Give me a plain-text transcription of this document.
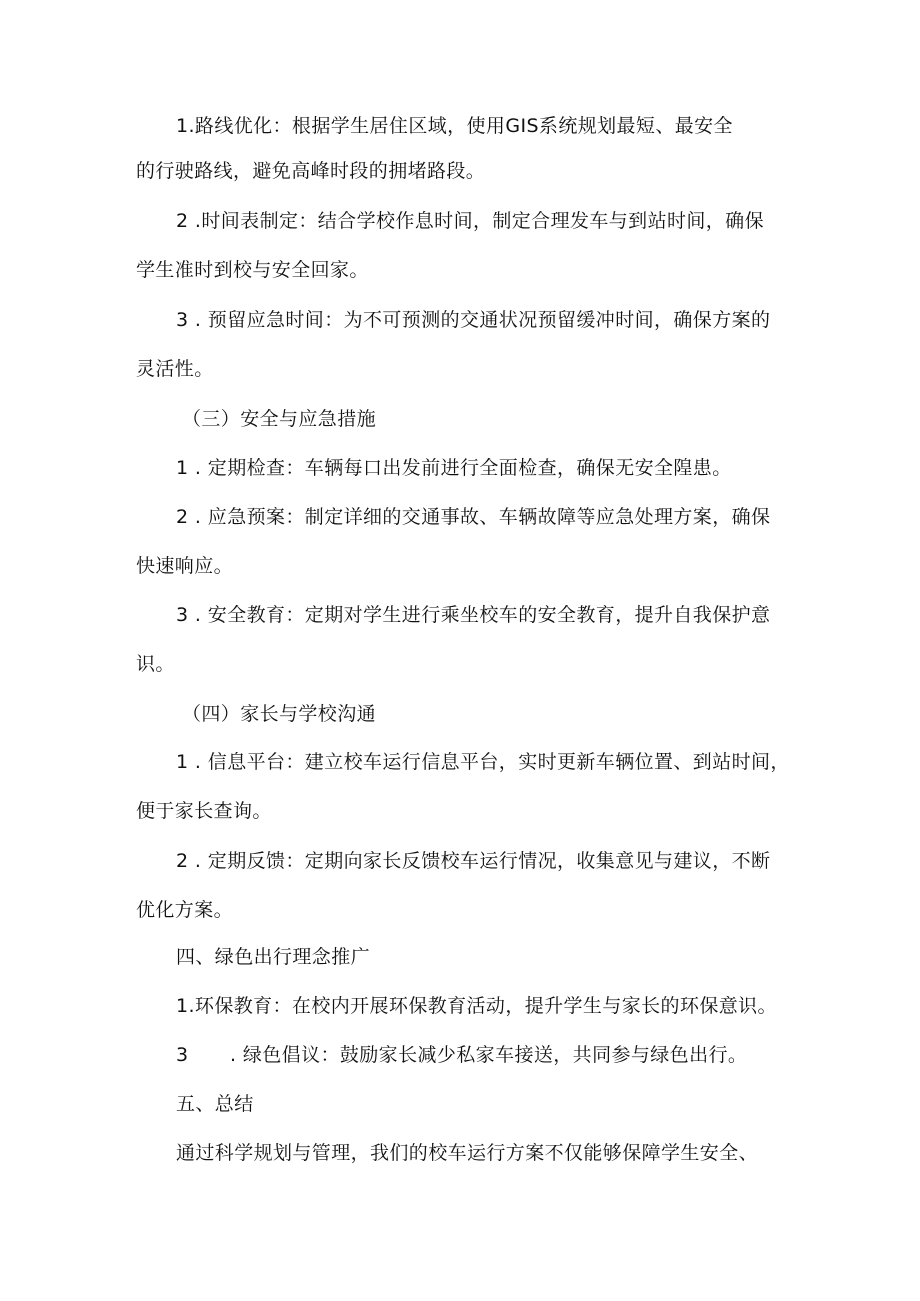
1.路线优化：根据学生居住区域，使用GIS系统规划最短、最安全
的行驶路线，避免高峰时段的拥堵路段。
2 .时间表制定：结合学校作息时间，制定合理发车与到站时间，确保
学生准时到校与安全回家。
3 . 预留应急时间：为不可预测的交通状况预留缓冲时间，确保方案的
灵活性。
（三）安全与应急措施
1 . 定期检查：车辆每口出发前进行全面检查，确保无安全隍患。
2 . 应急预案：制定详细的交通事故、车辆故障等应急处理方案，确保
快速响应。
3 . 安全教育：定期对学生进行乘坐校车的安全教育，提升自我保护意
识。
（四）家长与学校沟通
1 . 信息平台：建立校车运行信息平台，实时更新车辆位置、到站时间，
便于家长查询。
2 . 定期反馈：定期向家长反馈校车运行情况，收集意见与建议，不断
优化方案。
四、绿色出行理念推广
1.环保教育：在校内开展环保教育活动，提升学生与家长的环保意识。
3 . 绿色倡议：鼓励家长减少私家车接送，共同参与绿色出行。
五、总结
通过科学规划与管理，我们的校车运行方案不仅能够保障学生安全、
